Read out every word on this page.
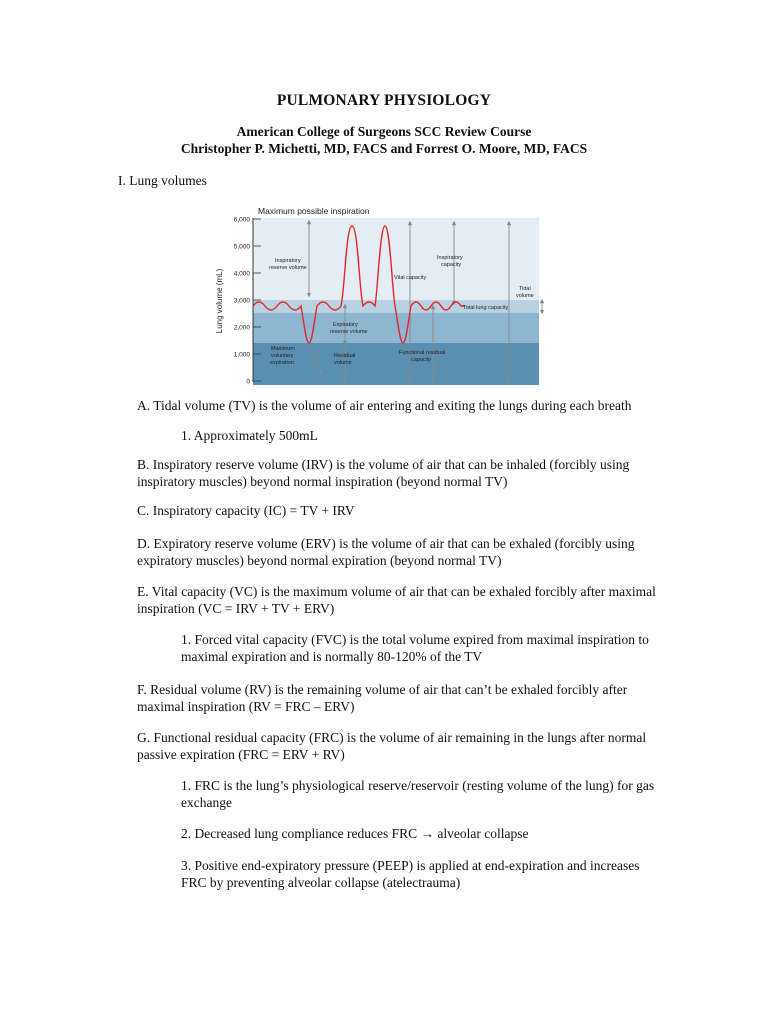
PULMONARY PHYSIOLOGY
American College of Surgeons SCC Review Course
Christopher P. Michetti, MD, FACS and Forrest O. Moore, MD, FACS
I. Lung volumes
6,000
5,000
4,000
3,000
2,000
1,000
0
Lung volume (mL)
Maximum possible inspiration
Inspiratory reserve volume
Inspiratory capacity
Vital capacity
Tidal volume
Total lung capacity
Expiratory reserve volume
Maximum voluntary expiration
Residual volume
Functional residual capacity

A. Tidal volume (TV) is the volume of air entering and exiting the lungs during each breath

1. Approximately 500mL

B. Inspiratory reserve volume (IRV) is the volume of air that can be inhaled (forcibly using
inspiratory muscles) beyond normal inspiration (beyond normal TV)

C. Inspiratory capacity (IC) = TV + IRV

D. Expiratory reserve volume (ERV) is the volume of air that can be exhaled (forcibly using
expiratory muscles) beyond normal expiration (beyond normal TV)

E. Vital capacity (VC) is the maximum volume of air that can be exhaled forcibly after maximal
inspiration (VC = IRV + TV + ERV)

1. Forced vital capacity (FVC) is the total volume expired from maximal inspiration to
maximal expiration and is normally 80-120% of the TV

F. Residual volume (RV) is the remaining volume of air that can’t be exhaled forcibly after
maximal inspiration (RV = FRC – ERV)

G. Functional residual capacity (FRC) is the volume of air remaining in the lungs after normal
passive expiration (FRC = ERV + RV)

1. FRC is the lung’s physiological reserve/reservoir (resting volume of the lung) for gas
exchange

2. Decreased lung compliance reduces FRC → alveolar collapse

3. Positive end-expiratory pressure (PEEP) is applied at end-expiration and increases
FRC by preventing alveolar collapse (atelectrauma)
